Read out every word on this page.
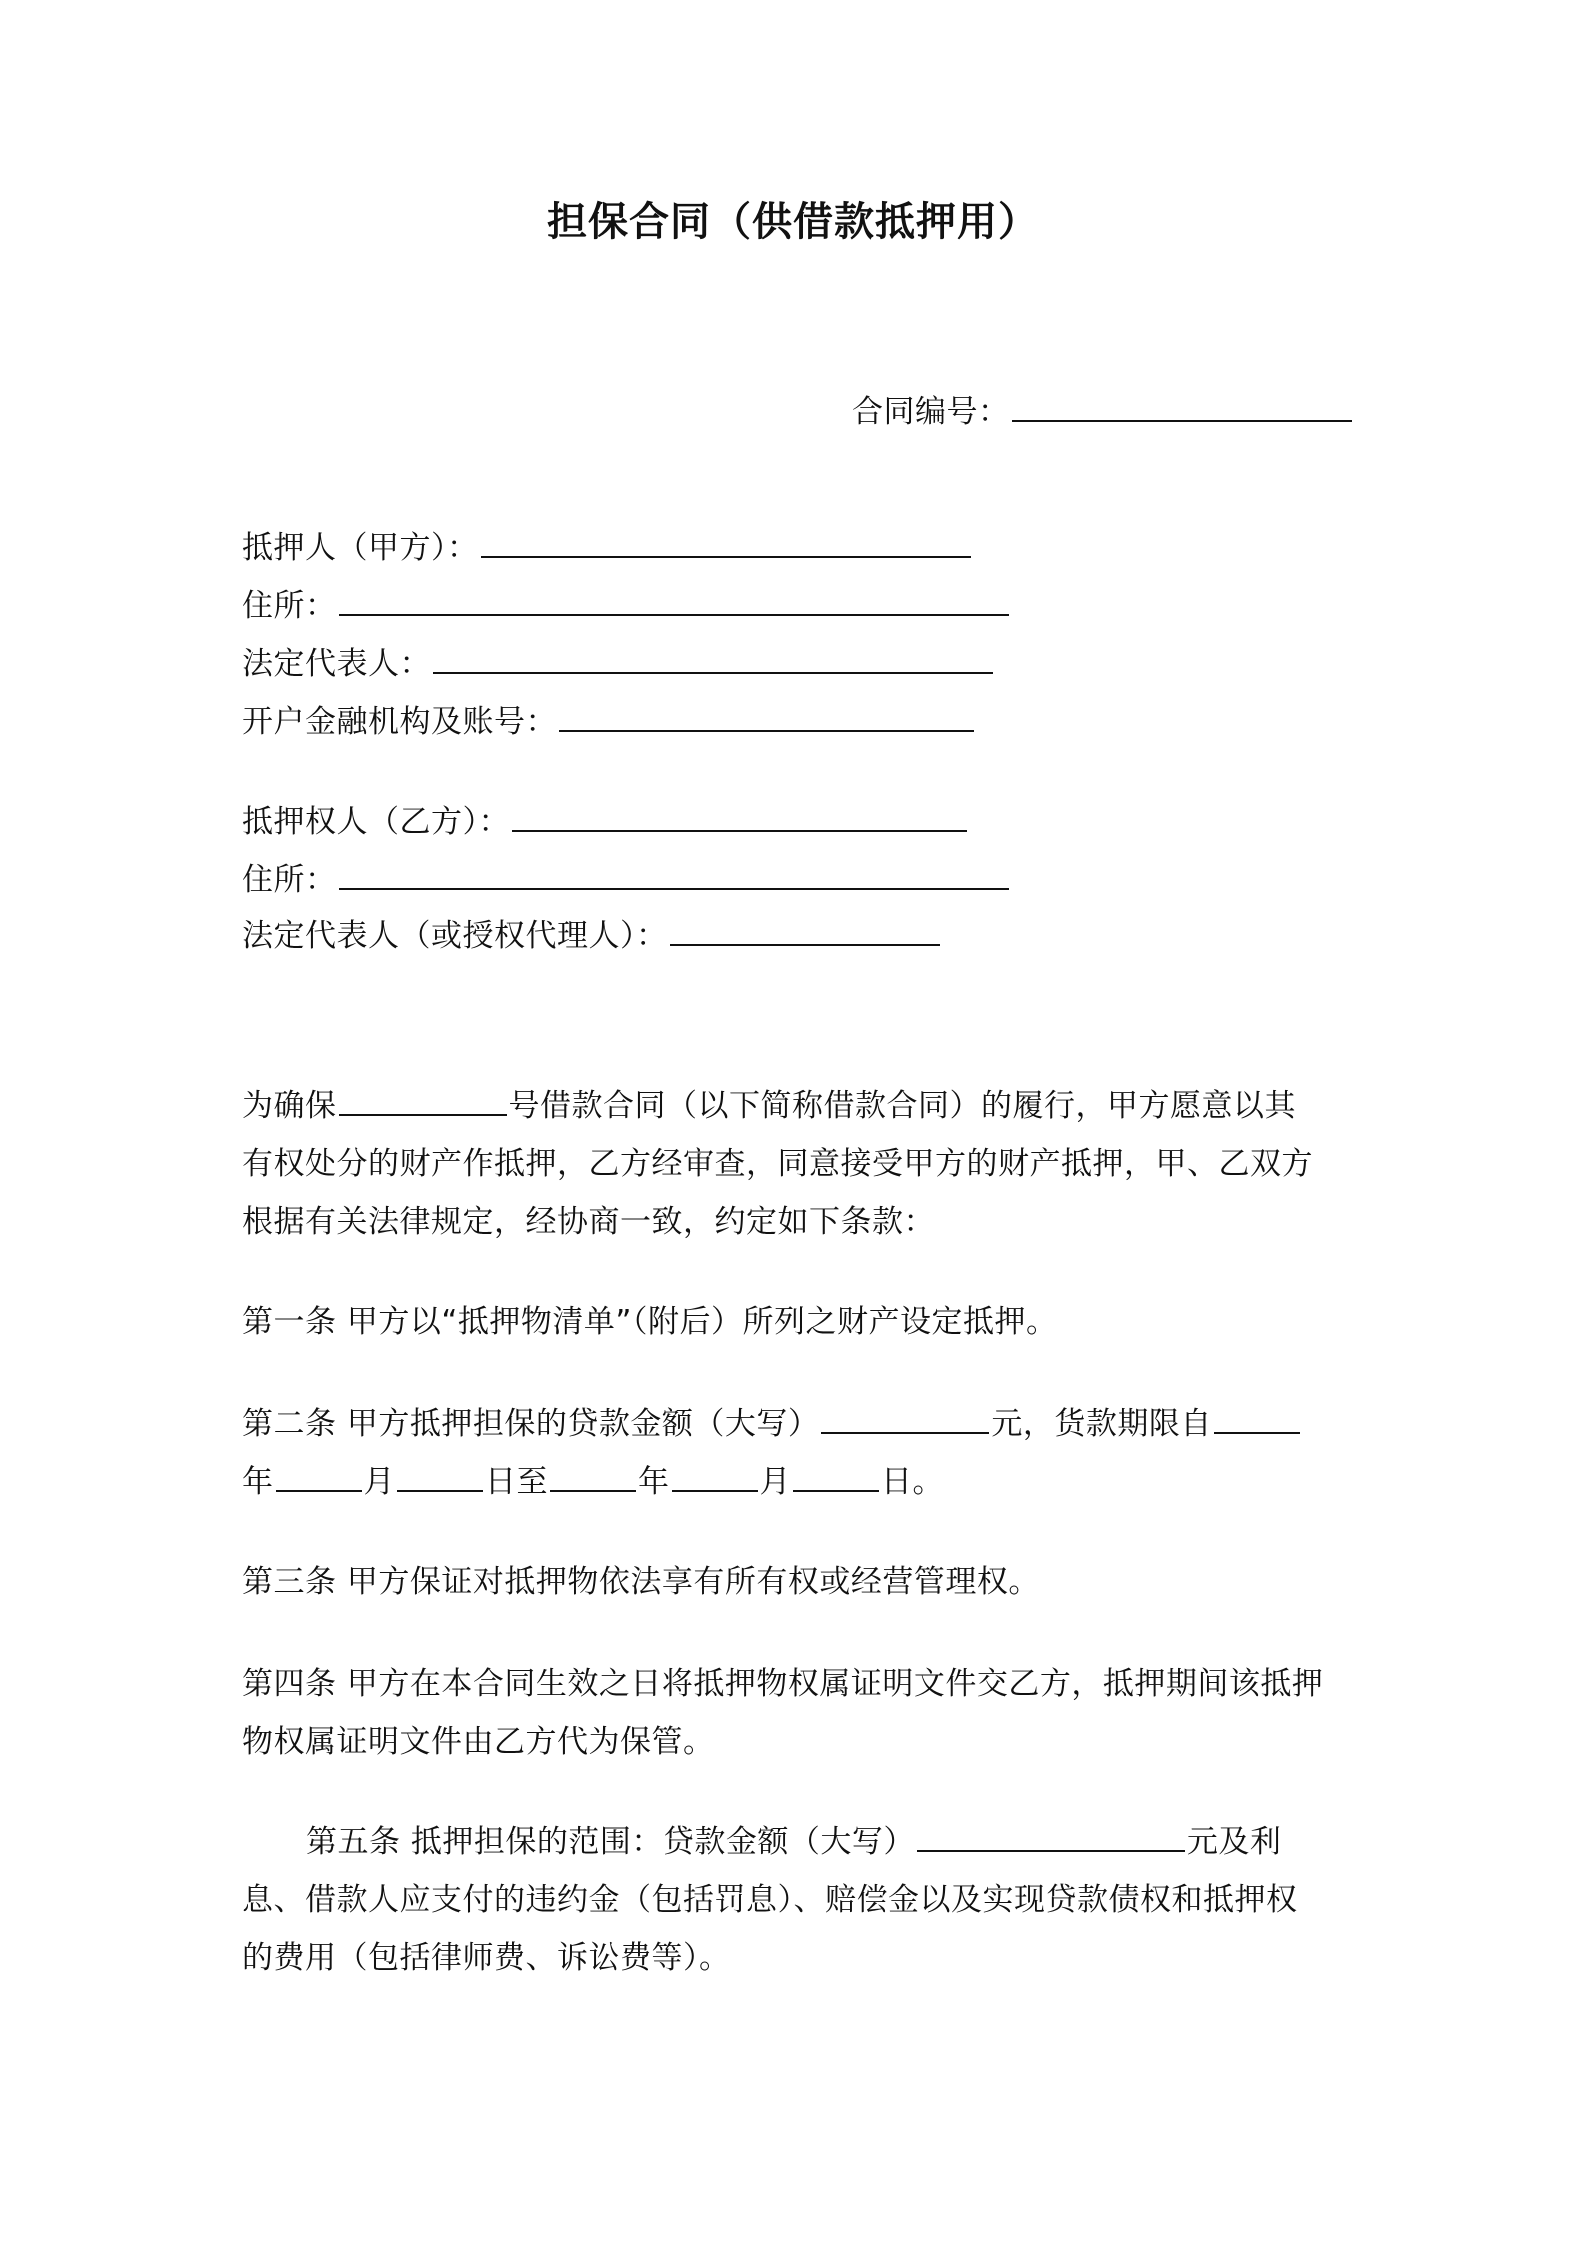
担保合同（供借款抵押用）
合同编号：
抵押人（甲方）：
住所：
法定代表人：
开户金融机构及账号：
抵押权人（乙方）：
住所：
法定代表人（或授权代理人）：
为确保	号借款合同（以下简称借款合同）的履行，甲方愿意以其
有权处分的财产作抵押，乙方经审查，同意接受甲方的财产抵押，甲、乙双方
根据有关法律规定，经协商一致，约定如下条款：
第一条 甲方以“抵押物清单”（附后）所列之财产设定抵押。
第二条 甲方抵押担保的贷款金额（大写）	元，货款期限自
年	月	日至	年	月	日。
第三条 甲方保证对抵押物依法享有所有权或经营管理权。
第四条 甲方在本合同生效之日将抵押物权属证明文件交乙方，抵押期间该抵押
物权属证明文件由乙方代为保管。
第五条 抵押担保的范围：贷款金额（大写）	元及利
息、借款人应支付的违约金（包括罚息）、赔偿金以及实现贷款债权和抵押权
的费用（包括律师费、诉讼费等）。
